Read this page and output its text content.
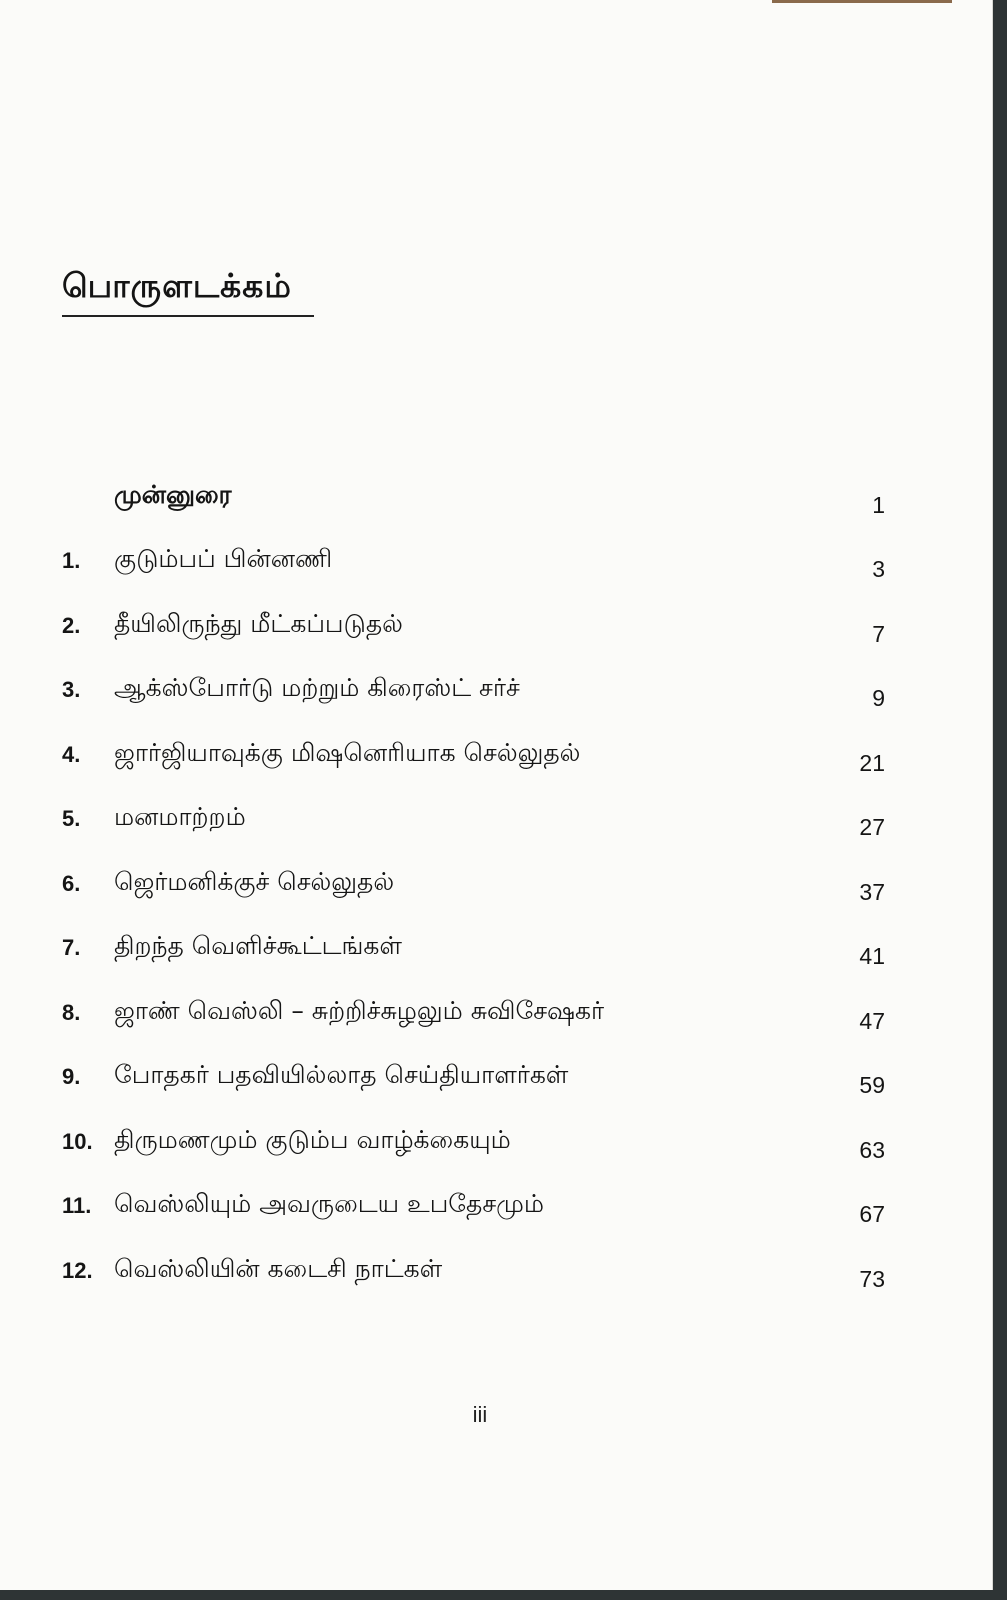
பொருளடக்கம்
முன்னுரை	1
1. குடும்பப் பின்னணி	3
2. தீயிலிருந்து மீட்கப்படுதல்	7
3. ஆக்ஸ்போர்டு மற்றும் கிரைஸ்ட் சர்ச்	9
4. ஜார்ஜியாவுக்கு மிஷனெரியாக செல்லுதல்	21
5. மனமாற்றம்	27
6. ஜெர்மனிக்குச் செல்லுதல்	37
7. திறந்த வெளிச்கூட்டங்கள்	41
8. ஜாண் வெஸ்லி – சுற்றிச்சுழலும் சுவிசேஷகர்	47
9. போதகர் பதவியில்லாத செய்தியாளர்கள்	59
10. திருமணமும் குடும்ப வாழ்க்கையும்	63
11. வெஸ்லியும் அவருடைய உபதேசமும்	67
12. வெஸ்லியின் கடைசி நாட்கள்	73
iii
